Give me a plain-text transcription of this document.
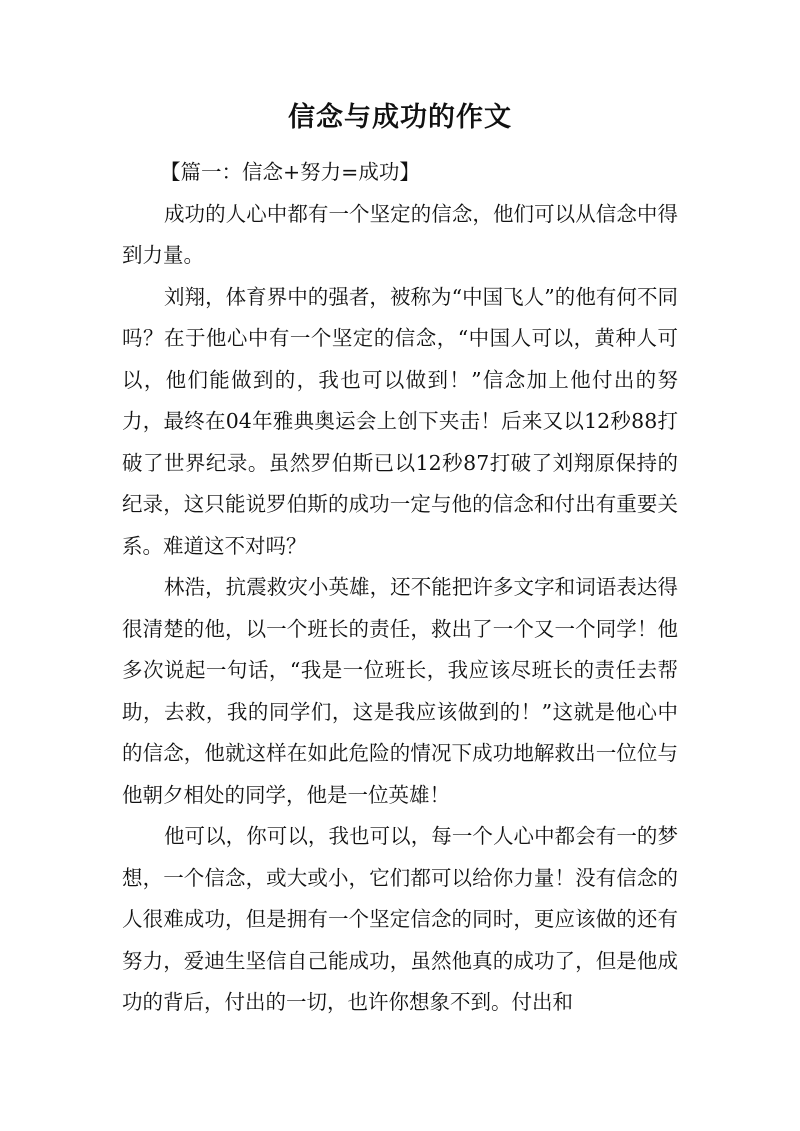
信念与成功的作文

【篇一：信念+努力=成功】

成功的人心中都有一个坚定的信念，他们可以从信念中得到力量。

刘翔，体育界中的强者，被称为“中国飞人”的他有何不同吗？在于他心中有一个坚定的信念，“中国人可以，黄种人可以，他们能做到的，我也可以做到！”信念加上他付出的努力，最终在04年雅典奥运会上创下夹击！后来又以12秒88打破了世界纪录。虽然罗伯斯已以12秒87打破了刘翔原保持的纪录，这只能说罗伯斯的成功一定与他的信念和付出有重要关系。难道这不对吗？

林浩，抗震救灾小英雄，还不能把许多文字和词语表达得很清楚的他，以一个班长的责任，救出了一个又一个同学！他多次说起一句话，“我是一位班长，我应该尽班长的责任去帮助，去救，我的同学们，这是我应该做到的！”这就是他心中的信念，他就这样在如此危险的情况下成功地解救出一位位与他朝夕相处的同学，他是一位英雄！

他可以，你可以，我也可以，每一个人心中都会有一的梦想，一个信念，或大或小，它们都可以给你力量！没有信念的人很难成功，但是拥有一个坚定信念的同时，更应该做的还有努力，爱迪生坚信自己能成功，虽然他真的成功了，但是他成功的背后，付出的一切，也许你想象不到。付出和
